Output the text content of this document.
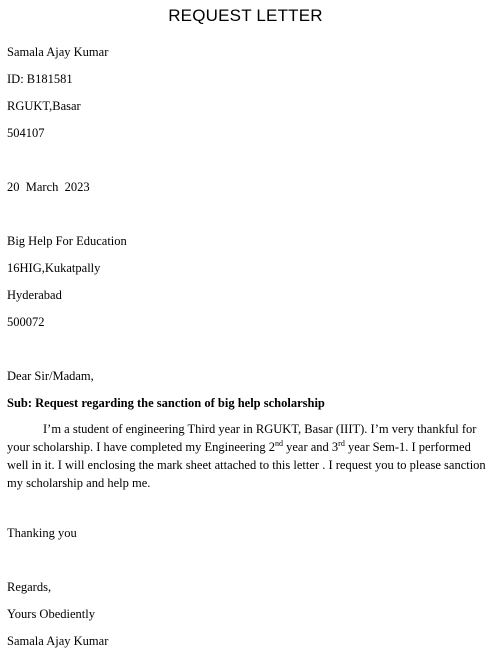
REQUEST LETTER
Samala Ajay Kumar
ID: B181581
RGUKT,Basar
504107
20  March  2023
Big Help For Education
16HIG,Kukatpally
Hyderabad
500072
Dear Sir/Madam,
Sub: Request regarding the sanction of big help scholarship
I’m a student of engineering Third year in RGUKT, Basar (IIIT). I’m very thankful for your scholarship. I have completed my Engineering 2nd year and 3rd year Sem-1. I performed well in it. I will enclosing the mark sheet attached to this letter . I request you to please sanction my scholarship and help me.
Thanking you
Regards,
Yours Obediently
Samala Ajay Kumar
